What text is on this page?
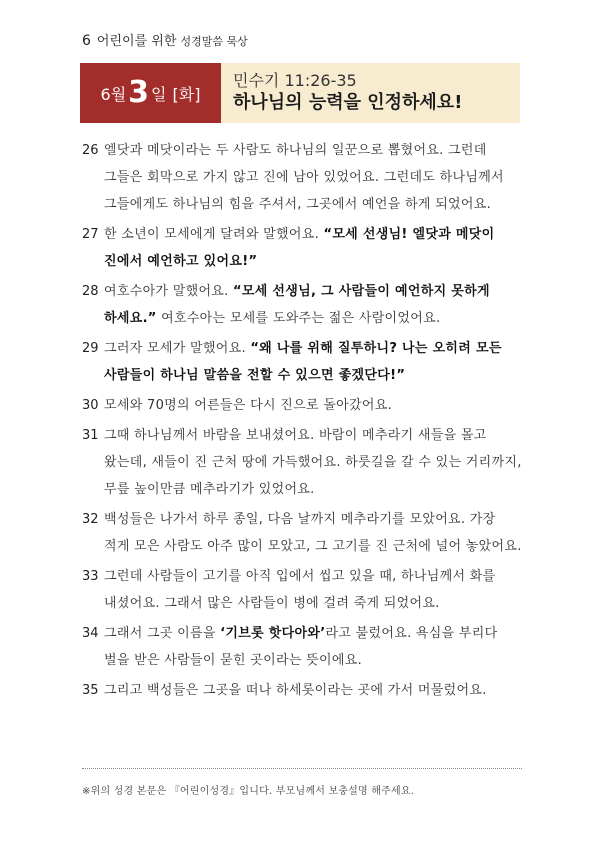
6 어린이를 위한 성경말씀 묵상
6월 3 일 [화]
민수기 11:26-35
하나님의 능력을 인정하세요!
26 엘닷과 메닷이라는 두 사람도 하나님의 일꾼으로 뽑혔어요. 그런데 그들은 회막으로 가지 않고 진에 남아 있었어요. 그런데도 하나님께서 그들에게도 하나님의 힘을 주셔서, 그곳에서 예언을 하게 되었어요.
27 한 소년이 모세에게 달려와 말했어요. “모세 선생님! 엘닷과 메닷이 진에서 예언하고 있어요!”
28 여호수아가 말했어요. “모세 선생님, 그 사람들이 예언하지 못하게 하세요.” 여호수아는 모세를 도와주는 젊은 사람이었어요.
29 그러자 모세가 말했어요. “왜 나를 위해 질투하니? 나는 오히려 모든 사람들이 하나님 말씀을 전할 수 있으면 좋겠단다!”
30 모세와 70명의 어른들은 다시 진으로 돌아갔어요.
31 그때 하나님께서 바람을 보내셨어요. 바람이 메추라기 새들을 몰고 왔는데, 새들이 진 근처 땅에 가득했어요. 하룻길을 갈 수 있는 거리까지, 무릎 높이만큼 메추라기가 있었어요.
32 백성들은 나가서 하루 종일, 다음 날까지 메추라기를 모았어요. 가장 적게 모은 사람도 아주 많이 모았고, 그 고기를 진 근처에 널어 놓았어요.
33 그런데 사람들이 고기를 아직 입에서 씹고 있을 때, 하나님께서 화를 내셨어요. 그래서 많은 사람들이 병에 걸려 죽게 되었어요.
34 그래서 그곳 이름을 ‘기브롯 핫다아와’라고 불렀어요. 욕심을 부리다 벌을 받은 사람들이 묻힌 곳이라는 뜻이에요.
35 그리고 백성들은 그곳을 떠나 하세롯이라는 곳에 가서 머물렀어요.
※위의 성경 본문은 『어린이성경』입니다. 부모님께서 보충설명 해주세요.
